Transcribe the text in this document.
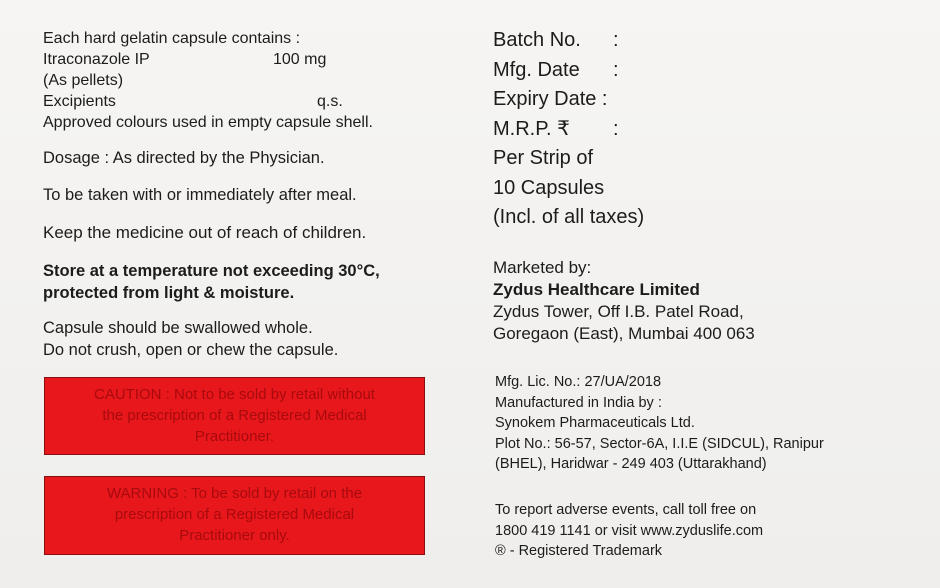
Each hard gelatin capsule contains :
Itraconazole IP	100 mg
(As pellets)
Excipients	q.s.
Approved colours used in empty capsule shell.
Dosage : As directed by the Physician.
To be taken with or immediately after meal.
Keep the medicine out of reach of children.
Store at a temperature not exceeding 30°C,
protected from light & moisture.
Capsule should be swallowed whole.
Do not crush, open or chew the capsule.
CAUTION : Not to be sold by retail without
the prescription of a Registered Medical
Practitioner.
WARNING : To be sold by retail on the
prescription of a Registered Medical
Practitioner only.
Batch No.	:
Mfg. Date	:
Expiry Date :
M.R.P. ₹	:
Per Strip of
10 Capsules
(Incl. of all taxes)
Marketed by:
Zydus Healthcare Limited
Zydus Tower, Off I.B. Patel Road,
Goregaon (East), Mumbai 400 063
Mfg. Lic. No.: 27/UA/2018
Manufactured in India by :
Synokem Pharmaceuticals Ltd.
Plot No.: 56-57, Sector-6A, I.I.E (SIDCUL), Ranipur
(BHEL), Haridwar - 249 403 (Uttarakhand)
To report adverse events, call toll free on
1800 419 1141 or visit www.zyduslife.com
® - Registered Trademark
